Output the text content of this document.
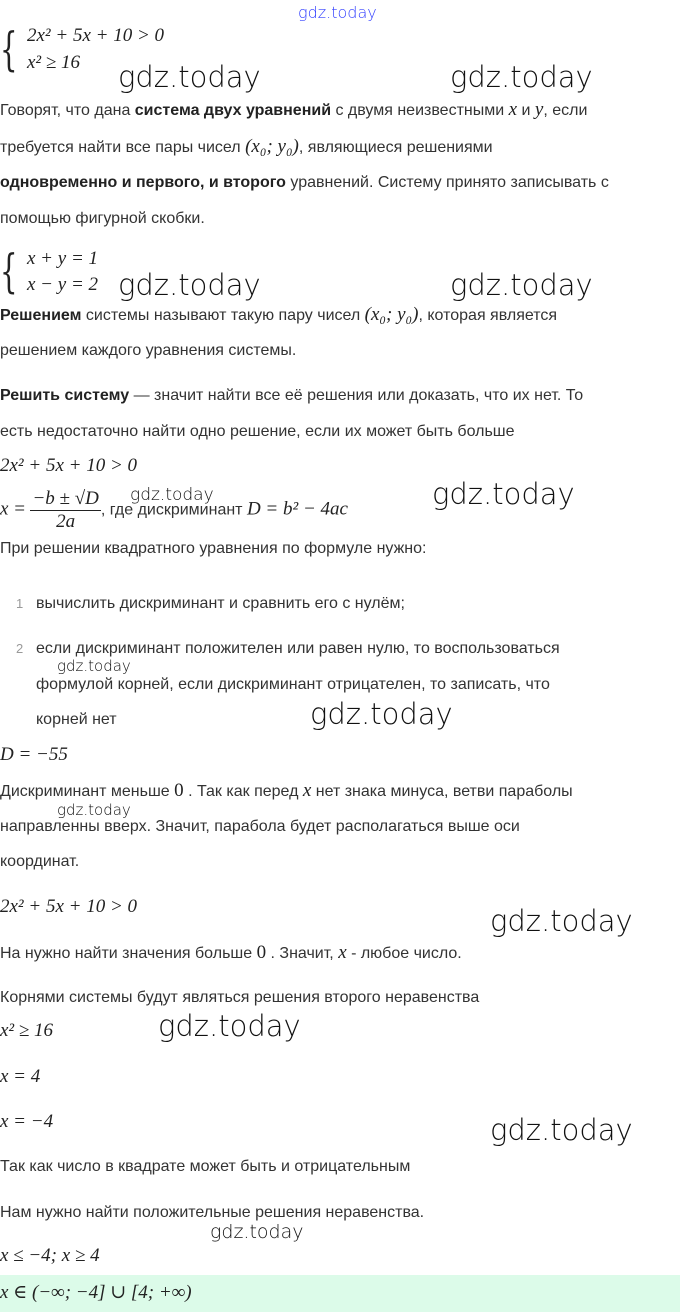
gdz.today
{ 2x² + 5x + 10 > 0
x² ≥ 16 gdz.today	gdz.today
Говорят, что дана система двух уравнений с двумя неизвестными x и y, если
требуется найти все пары чисел (x₀; y₀), являющиеся решениями
одновременно и первого, и второго уравнений. Систему принято записывать с
помощью фигурной скобки.
{ x + y = 1
x − y = 2 gdz.today	gdz.today
Решением системы называют такую пару чисел (x₀; y₀), которая является
решением каждого уравнения системы.
Решить систему — значит найти все её решения или доказать, что их нет. То
есть недостаточно найти одно решение, если их может быть больше
2x² + 5x + 10 > 0
$x = \frac{-b \pm √D}{2a}$ , где дискриминант D = b² − 4ac
gdz.today	gdz.today
При решении квадратного уравнения по формуле нужно:
1 вычислить дискриминант и сравнить его с нулём;
2 если дискриминант положителен или равен нулю, то воспользоваться
формулой корней, если дискриминант отрицателен, то записать, что
корней нет
gdz.today
gdz.today
D = −55
Дискриминант меньше 0 . Так как перед x нет знака минуса, ветви параболы
gdz.today
направленны вверх. Значит, парабола будет располагаться выше оси
координат.
2x² + 5x + 10 > 0	gdz.today
На нужно найти значения больше 0 . Значит, x - любое число.
Корнями системы будут являться решения второго неравенства
x² ≥ 16	gdz.today
x = 4
x = −4	gdz.today
Так как число в квадрате может быть и отрицательным
Нам нужно найти положительные решения неравенства.
gdz.today
x ≤ −4; x ≥ 4
x ∈ (−∞; −4] ∪ [4; +∞)
